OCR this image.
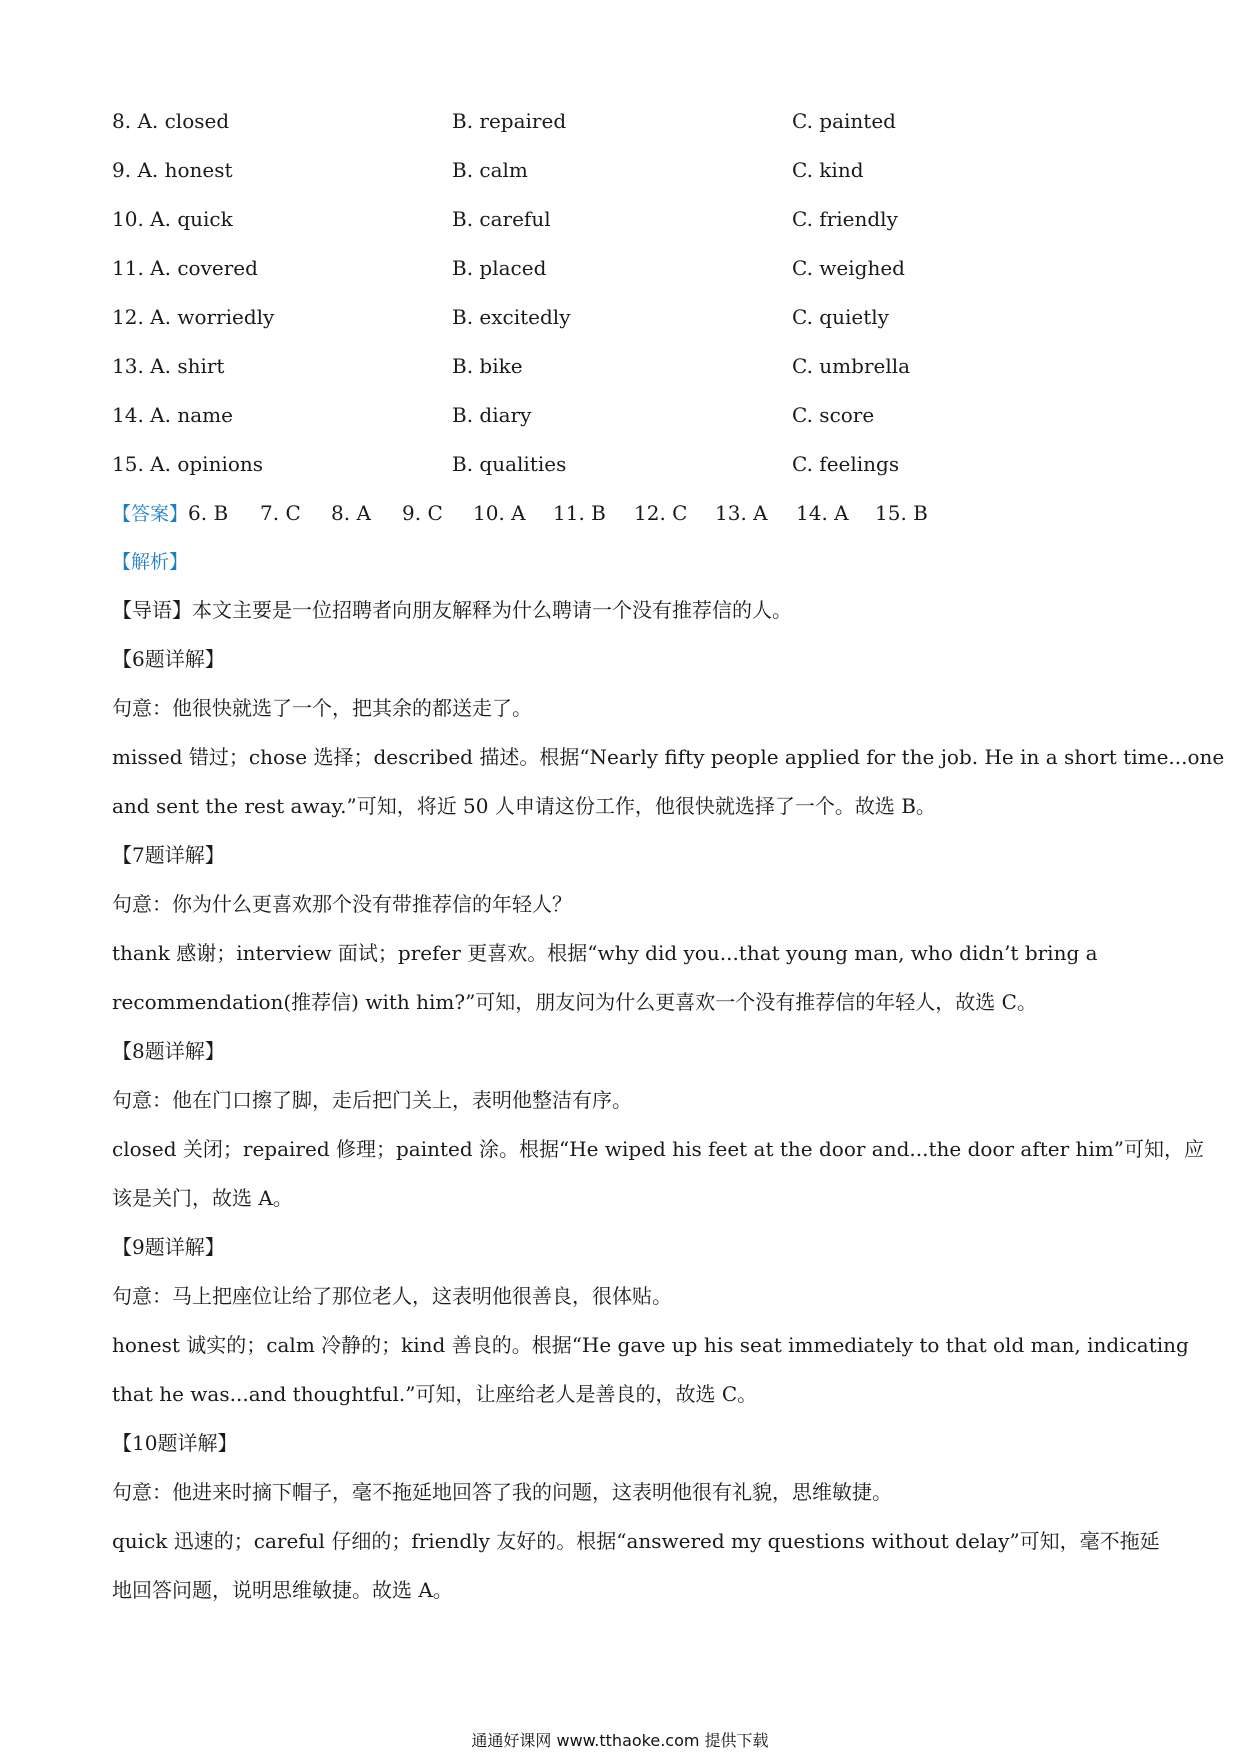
8. A. closed	B. repaired	C. painted
9. A. honest	B. calm	C. kind
10. A. quick	B. careful	C. friendly
11. A. covered	B. placed	C. weighed
12. A. worriedly	B. excitedly	C. quietly
13. A. shirt	B. bike	C. umbrella
14. A. name	B. diary	C. score
15. A. opinions	B. qualities	C. feelings
【答案】 6. B 7. C 8. A 9. C 10. A 11. B 12. C 13. A 14. A 15. B
【解析】
【导语】本文主要是一位招聘者向朋友解释为什么聘请一个没有推荐信的人。
【6题详解】
句意：他很快就选了一个，把其余的都送走了。
missed 错过；chose 选择；described 描述。根据“Nearly fifty people applied for the job. He in a short time...one
and sent the rest away.”可知，将近 50 人申请这份工作，他很快就选择了一个。故选 B。
【7题详解】
句意：你为什么更喜欢那个没有带推荐信的年轻人？
thank 感谢；interview 面试；prefer 更喜欢。根据“why did you...that young man, who didn’t bring a
recommendation(推荐信) with him?”可知，朋友问为什么更喜欢一个没有推荐信的年轻人，故选 C。
【8题详解】
句意：他在门口擦了脚，走后把门关上，表明他整洁有序。
closed 关闭；repaired 修理；painted 涂。根据“He wiped his feet at the door and...the door after him”可知，应
该是关门，故选 A。
【9题详解】
句意：马上把座位让给了那位老人，这表明他很善良，很体贴。
honest 诚实的；calm 冷静的；kind 善良的。根据“He gave up his seat immediately to that old man, indicating
that he was...and thoughtful.”可知，让座给老人是善良的，故选 C。
【10题详解】
句意：他进来时摘下帽子，毫不拖延地回答了我的问题，这表明他很有礼貌，思维敏捷。
quick 迅速的；careful 仔细的；friendly 友好的。根据“answered my questions without delay”可知，毫不拖延
地回答问题，说明思维敏捷。故选 A。
通通好课网 www.tthaoke.com 提供下载
